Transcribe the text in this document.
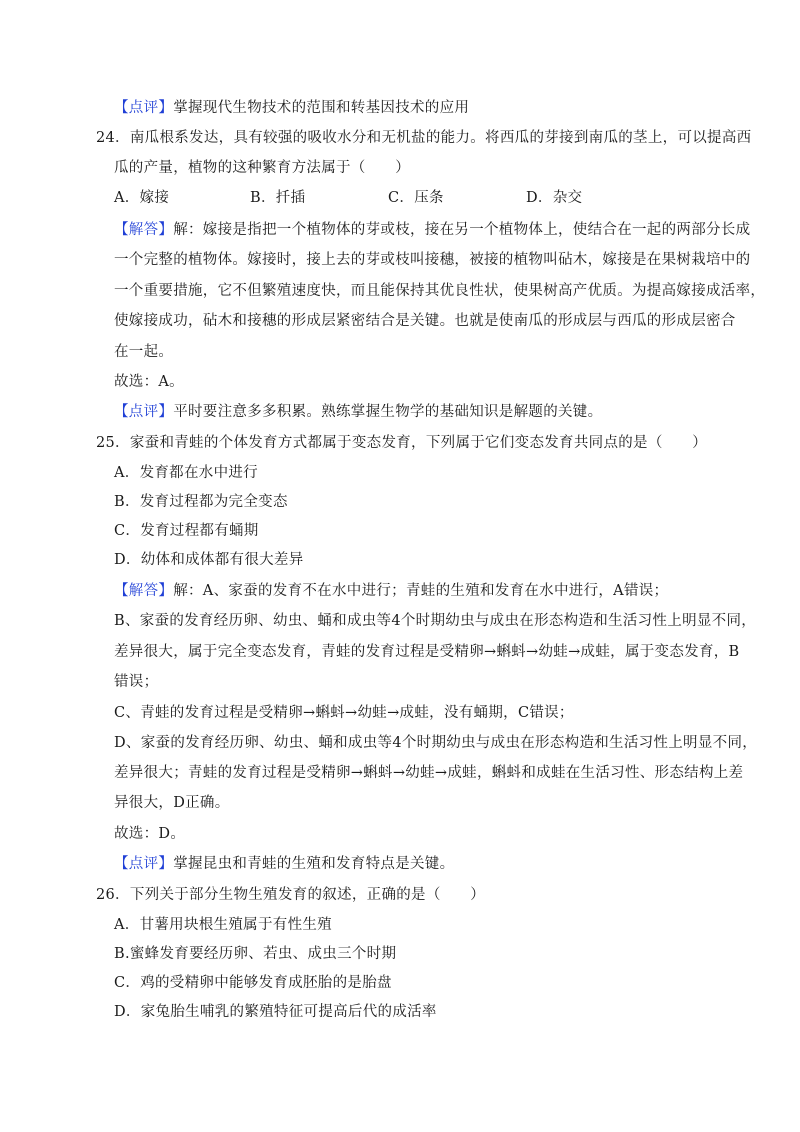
【点评】掌握现代生物技术的范围和转基因技术的应用
24．南瓜根系发达，具有较强的吸收水分和无机盐的能力。将西瓜的芽接到南瓜的茎上，可以提高西
瓜的产量，植物的这种繁育方法属于（　　）
A．嫁接	B．扦插	C．压条	D．杂交
【解答】解：嫁接是指把一个植物体的芽或枝，接在另一个植物体上，使结合在一起的两部分长成
一个完整的植物体。嫁接时，接上去的芽或枝叫接穗，被接的植物叫砧木，嫁接是在果树栽培中的
一个重要措施，它不但繁殖速度快，而且能保持其优良性状，使果树高产优质。为提高嫁接成活率，
使嫁接成功，砧木和接穗的形成层紧密结合是关键。也就是使南瓜的形成层与西瓜的形成层密合
在一起。
故选：A。
【点评】平时要注意多多积累。熟练掌握生物学的基础知识是解题的关键。
25．家蚕和青蛙的个体发育方式都属于变态发育，下列属于它们变态发育共同点的是（　　）
A．发育都在水中进行
B．发育过程都为完全变态
C．发育过程都有蛹期
D．幼体和成体都有很大差异
【解答】解：A、家蚕的发育不在水中进行；青蛙的生殖和发育在水中进行，A错误；
B、家蚕的发育经历卵、幼虫、蛹和成虫等4个时期幼虫与成虫在形态构造和生活习性上明显不同，
差异很大，属于完全变态发育，青蛙的发育过程是受精卵→蝌蚪→幼蛙→成蛙，属于变态发育，B
错误；
C、青蛙的发育过程是受精卵→蝌蚪→幼蛙→成蛙，没有蛹期，C错误；
D、家蚕的发育经历卵、幼虫、蛹和成虫等4个时期幼虫与成虫在形态构造和生活习性上明显不同，
差异很大；青蛙的发育过程是受精卵→蝌蚪→幼蛙→成蛙，蝌蚪和成蛙在生活习性、形态结构上差
异很大，D正确。
故选：D。
【点评】掌握昆虫和青蛙的生殖和发育特点是关键。
26．下列关于部分生物生殖发育的叙述，正确的是（　　）
A．甘薯用块根生殖属于有性生殖
B.蜜蜂发育要经历卵、若虫、成虫三个时期
C．鸡的受精卵中能够发育成胚胎的是胎盘
D．家兔胎生哺乳的繁殖特征可提高后代的成活率
